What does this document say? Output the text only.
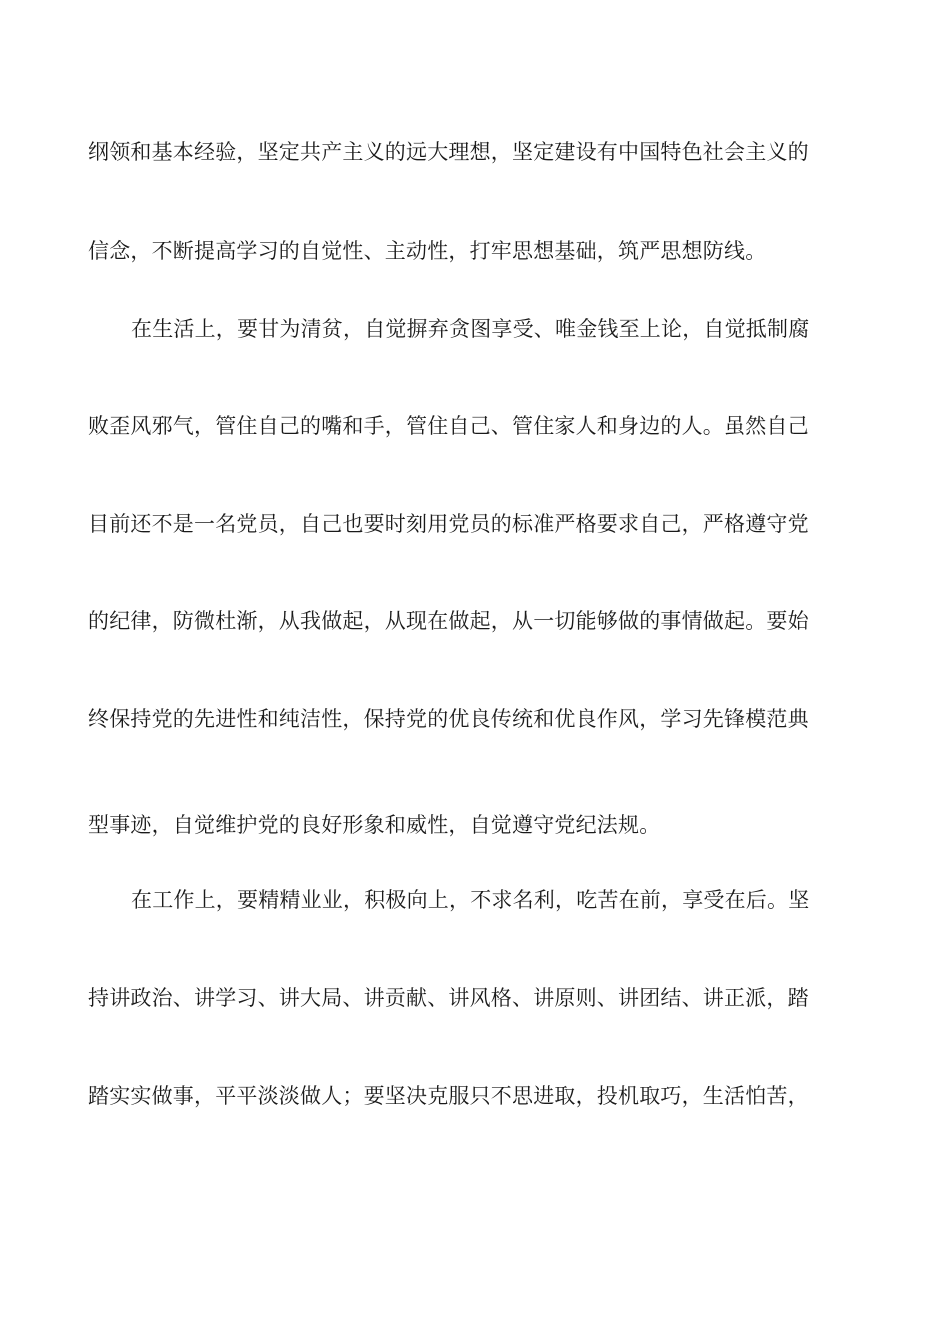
纲领和基本经验，坚定共产主义的远大理想，坚定建设有中国特色社会主义的
信念，不断提高学习的自觉性、主动性，打牢思想基础，筑严思想防线。
在生活上，要甘为清贫，自觉摒弃贪图享受、唯金钱至上论，自觉抵制腐
败歪风邪气，管住自己的嘴和手，管住自己、管住家人和身边的人。虽然自己
目前还不是一名党员，自己也要时刻用党员的标准严格要求自己，严格遵守党
的纪律，防微杜渐，从我做起，从现在做起，从一切能够做的事情做起。要始
终保持党的先进性和纯洁性，保持党的优良传统和优良作风，学习先锋模范典
型事迹，自觉维护党的良好形象和威性，自觉遵守党纪法规。
在工作上，要精精业业，积极向上，不求名利，吃苦在前，享受在后。坚
持讲政治、讲学习、讲大局、讲贡献、讲风格、讲原则、讲团结、讲正派，踏
踏实实做事，平平淡淡做人；要坚决克服只不思进取，投机取巧，生活怕苦，
